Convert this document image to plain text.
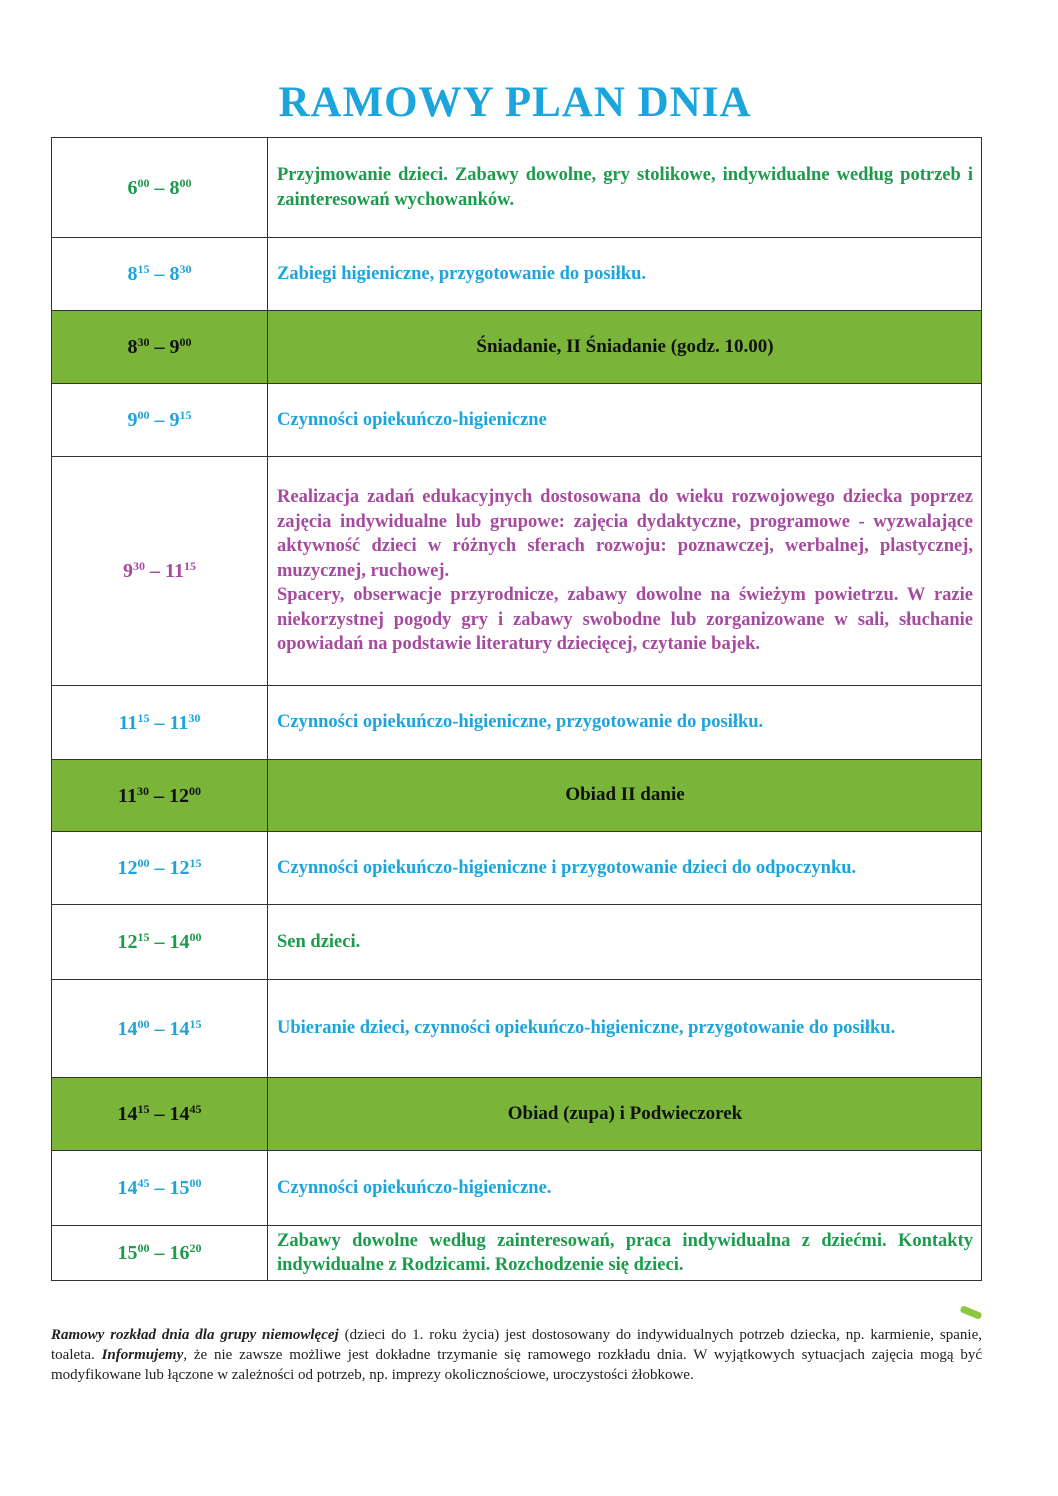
RAMOWY PLAN DNIA
$6^{00} - 8^{00}$	Przyjmowanie dzieci. Zabawy dowolne, gry stolikowe, indywidualne według potrzeb i zainteresowań wychowanków.
$8^{15} - 8^{30}$	Zabiegi higieniczne, przygotowanie do posiłku.
$8^{30} - 9^{00}$	Śniadanie, II Śniadanie (godz. 10.00)
$9^{00} - 9^{15}$	Czynności opiekuńczo-higieniczne
$9^{30} - 11^{15}$	Realizacja zadań edukacyjnych dostosowana do wieku rozwojowego dziecka poprzez zajęcia indywidualne lub grupowe: zajęcia dydaktyczne, programowe - wyzwalające aktywność dzieci w różnych sferach rozwoju: poznawczej, werbalnej, plastycznej, muzycznej, ruchowej.
Spacery, obserwacje przyrodnicze, zabawy dowolne na świeżym powietrzu. W razie niekorzystnej pogody gry i zabawy swobodne lub zorganizowane w sali, słuchanie opowiadań na podstawie literatury dziecięcej, czytanie bajek.

$11^{15} - 11^{30}$	Czynności opiekuńczo-higieniczne, przygotowanie do posiłku.
$11^{30} - 12^{00}$	Obiad II danie
$12^{00} - 12^{15}$	Czynności opiekuńczo-higieniczne i przygotowanie dzieci do odpoczynku.
$12^{15} - 14^{00}$	Sen dzieci.
$14^{00} - 14^{15}$	Ubieranie dzieci, czynności opiekuńczo-higieniczne, przygotowanie do posiłku.
$14^{15} - 14^{45}$	Obiad (zupa) i Podwieczorek
$14^{45} - 15^{00}$	Czynności opiekuńczo-higieniczne.
$15^{00} - 16^{20}$	Zabawy dowolne według zainteresowań, praca indywidualna z dziećmi. Kontakty indywidualne z Rodzicami. Rozchodzenie się dzieci.
Ramowy rozkład dnia dla grupy niemowlęcej (dzieci do 1. roku życia) jest dostosowany do indywidualnych potrzeb dziecka, np. karmienie, spanie, toaleta. Informujemy, że nie zawsze możliwe jest dokładne trzymanie się ramowego rozkładu dnia. W wyjątkowych sytuacjach zajęcia mogą być modyfikowane lub łączone w zależności od potrzeb, np. imprezy okolicznościowe, uroczystości żłobkowe.
